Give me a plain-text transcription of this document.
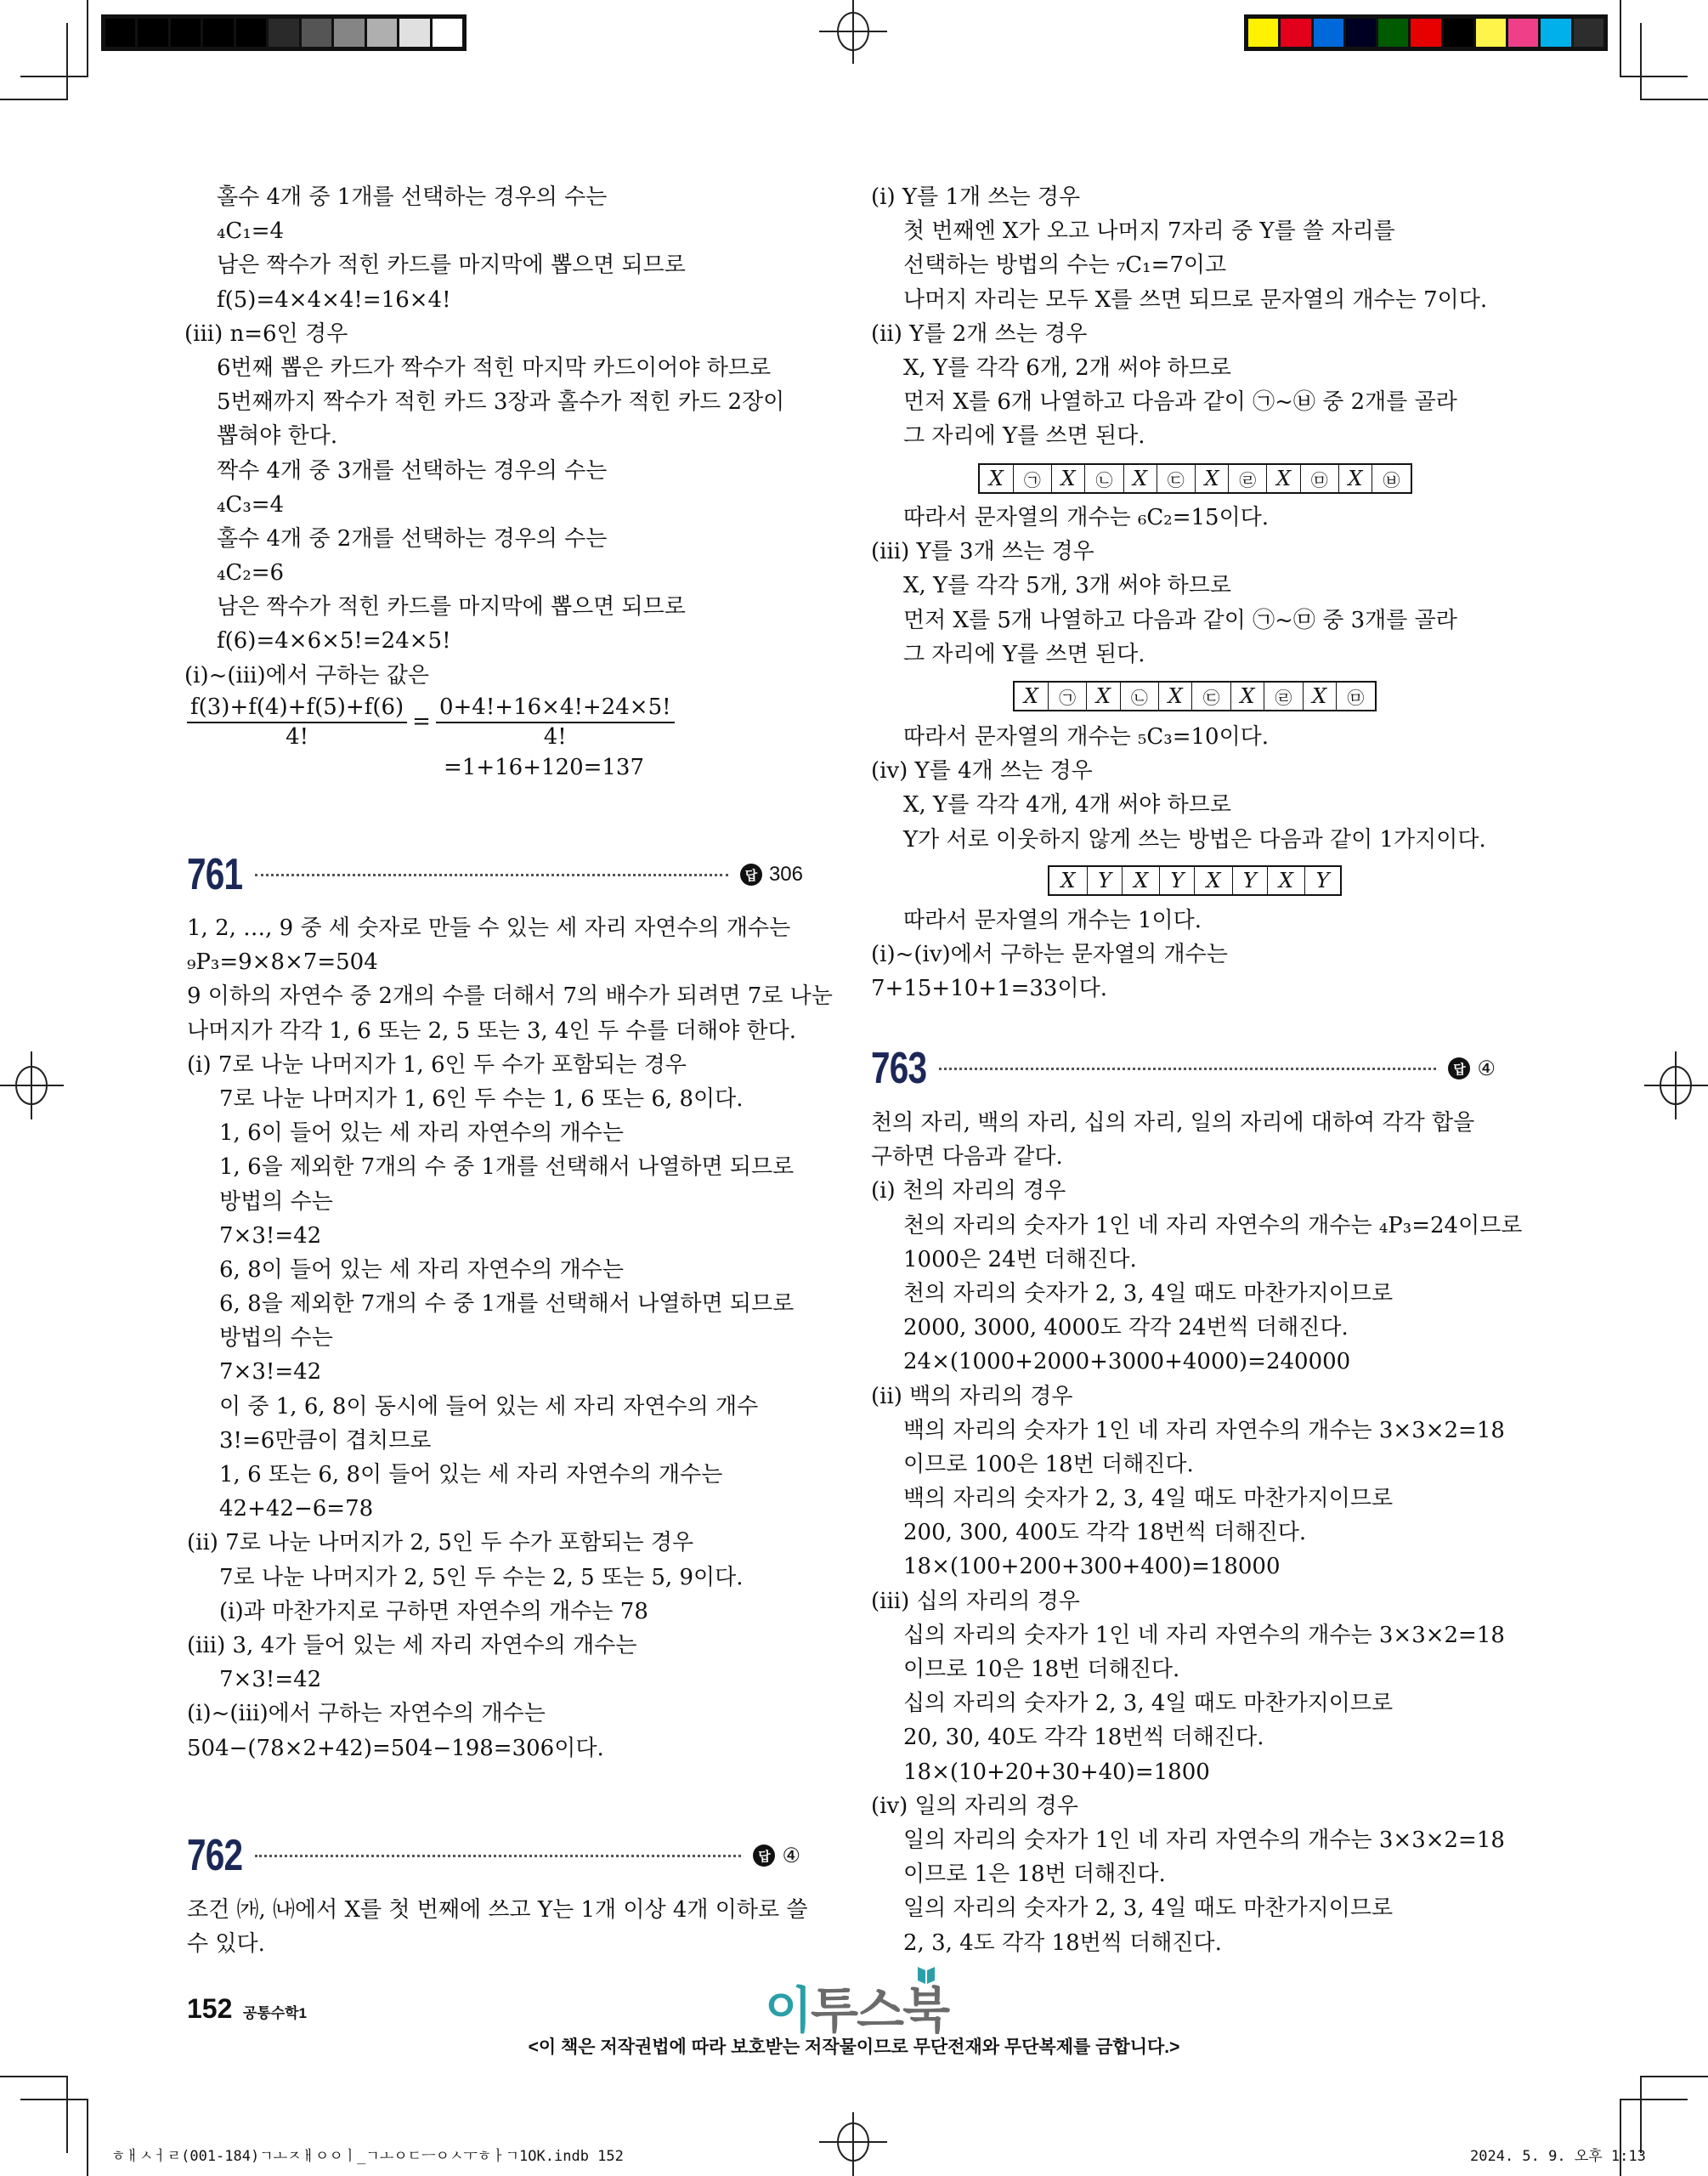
홀수 4개 중 1개를 선택하는 경우의 수는
₄C₁=4
남은 짝수가 적힌 카드를 마지막에 뽑으면 되므로
f(5)=4×4×4!=16×4!
(iii) n=6인 경우
6번째 뽑은 카드가 짝수가 적힌 마지막 카드이어야 하므로
5번째까지 짝수가 적힌 카드 3장과 홀수가 적힌 카드 2장이
뽑혀야 한다.
짝수 4개 중 3개를 선택하는 경우의 수는
₄C₃=4
홀수 4개 중 2개를 선택하는 경우의 수는
₄C₂=6
남은 짝수가 적힌 카드를 마지막에 뽑으면 되므로
f(6)=4×6×5!=24×5!
(i)~(iii)에서 구하는 값은
$\frac{f(3)+f(4)+f(5)+f(6)}{4!} = \frac{0+4!+16\times 4!+24\times 5!}{4!}$
=1+16+120=137
761	답 306
1, 2, …, 9 중 세 숫자로 만들 수 있는 세 자리 자연수의 개수는
₉P₃=9×8×7=504
9 이하의 자연수 중 2개의 수를 더해서 7의 배수가 되려면 7로 나눈
나머지가 각각 1, 6 또는 2, 5 또는 3, 4인 두 수를 더해야 한다.
(i) 7로 나눈 나머지가 1, 6인 두 수가 포함되는 경우
7로 나눈 나머지가 1, 6인 두 수는 1, 6 또는 6, 8이다.
1, 6이 들어 있는 세 자리 자연수의 개수는
1, 6을 제외한 7개의 수 중 1개를 선택해서 나열하면 되므로
방법의 수는
7×3!=42
6, 8이 들어 있는 세 자리 자연수의 개수는
6, 8을 제외한 7개의 수 중 1개를 선택해서 나열하면 되므로
방법의 수는
7×3!=42
이 중 1, 6, 8이 동시에 들어 있는 세 자리 자연수의 개수
3!=6만큼이 겹치므로
1, 6 또는 6, 8이 들어 있는 세 자리 자연수의 개수는
42+42−6=78
(ii) 7로 나눈 나머지가 2, 5인 두 수가 포함되는 경우
7로 나눈 나머지가 2, 5인 두 수는 2, 5 또는 5, 9이다.
(i)과 마찬가지로 구하면 자연수의 개수는 78
(iii) 3, 4가 들어 있는 세 자리 자연수의 개수는
7×3!=42
(i)~(iii)에서 구하는 자연수의 개수는
504−(78×2+42)=504−198=306이다.
762	답 ④
조건 ㈎, ㈏에서 X를 첫 번째에 쓰고 Y는 1개 이상 4개 이하로 쓸
수 있다.
(i) Y를 1개 쓰는 경우
첫 번째엔 X가 오고 나머지 7자리 중 Y를 쓸 자리를
선택하는 방법의 수는 ₇C₁=7이고
나머지 자리는 모두 X를 쓰면 되므로 문자열의 개수는 7이다.
(ii) Y를 2개 쓰는 경우
X, Y를 각각 6개, 2개 써야 하므로
먼저 X를 6개 나열하고 다음과 같이 ㉠~㉥ 중 2개를 골라
그 자리에 Y를 쓰면 된다.
X	㉠	X	㉡	X	㉢	X	㉣	X	㉤	X	㉥
따라서 문자열의 개수는 ₆C₂=15이다.
(iii) Y를 3개 쓰는 경우
X, Y를 각각 5개, 3개 써야 하므로
먼저 X를 5개 나열하고 다음과 같이 ㉠~㉤ 중 3개를 골라
그 자리에 Y를 쓰면 된다.
X	㉠	X	㉡	X	㉢	X	㉣	X	㉤
따라서 문자열의 개수는 ₅C₃=10이다.
(iv) Y를 4개 쓰는 경우
X, Y를 각각 4개, 4개 써야 하므로
Y가 서로 이웃하지 않게 쓰는 방법은 다음과 같이 1가지이다.
X	Y	X	Y	X	Y	X	Y
따라서 문자열의 개수는 1이다.
(i)~(iv)에서 구하는 문자열의 개수는
7+15+10+1=33이다.
763	답 ④
천의 자리, 백의 자리, 십의 자리, 일의 자리에 대하여 각각 합을
구하면 다음과 같다.
(i) 천의 자리의 경우
천의 자리의 숫자가 1인 네 자리 자연수의 개수는 ₄P₃=24이므로
1000은 24번 더해진다.
천의 자리의 숫자가 2, 3, 4일 때도 마찬가지이므로
2000, 3000, 4000도 각각 24번씩 더해진다.
24×(1000+2000+3000+4000)=240000
(ii) 백의 자리의 경우
백의 자리의 숫자가 1인 네 자리 자연수의 개수는 3×3×2=18
이므로 100은 18번 더해진다.
백의 자리의 숫자가 2, 3, 4일 때도 마찬가지이므로
200, 300, 400도 각각 18번씩 더해진다.
18×(100+200+300+400)=18000
(iii) 십의 자리의 경우
십의 자리의 숫자가 1인 네 자리 자연수의 개수는 3×3×2=18
이므로 10은 18번 더해진다.
십의 자리의 숫자가 2, 3, 4일 때도 마찬가지이므로
20, 30, 40도 각각 18번씩 더해진다.
18×(10+20+30+40)=1800
(iv) 일의 자리의 경우
일의 자리의 숫자가 1인 네 자리 자연수의 개수는 3×3×2=18
이므로 1은 18번 더해진다.
일의 자리의 숫자가 2, 3, 4일 때도 마찬가지이므로
2, 3, 4도 각각 18번씩 더해진다.
152 공통수학1	이투스북
<이 책은 저작권법에 따라 보호받는 저작물이므로 무단전재와 무단복제를 금합니다.>
ㅎㅐㅅㅓㄹ(001-184)ㄱㅗㅈㅐㅇㅇㅣ_ㄱㅗㅇㄷㅡㅇㅅㅜㅎㅏㄱ1OK.indb 152	2024. 5. 9. 오후 1:13
